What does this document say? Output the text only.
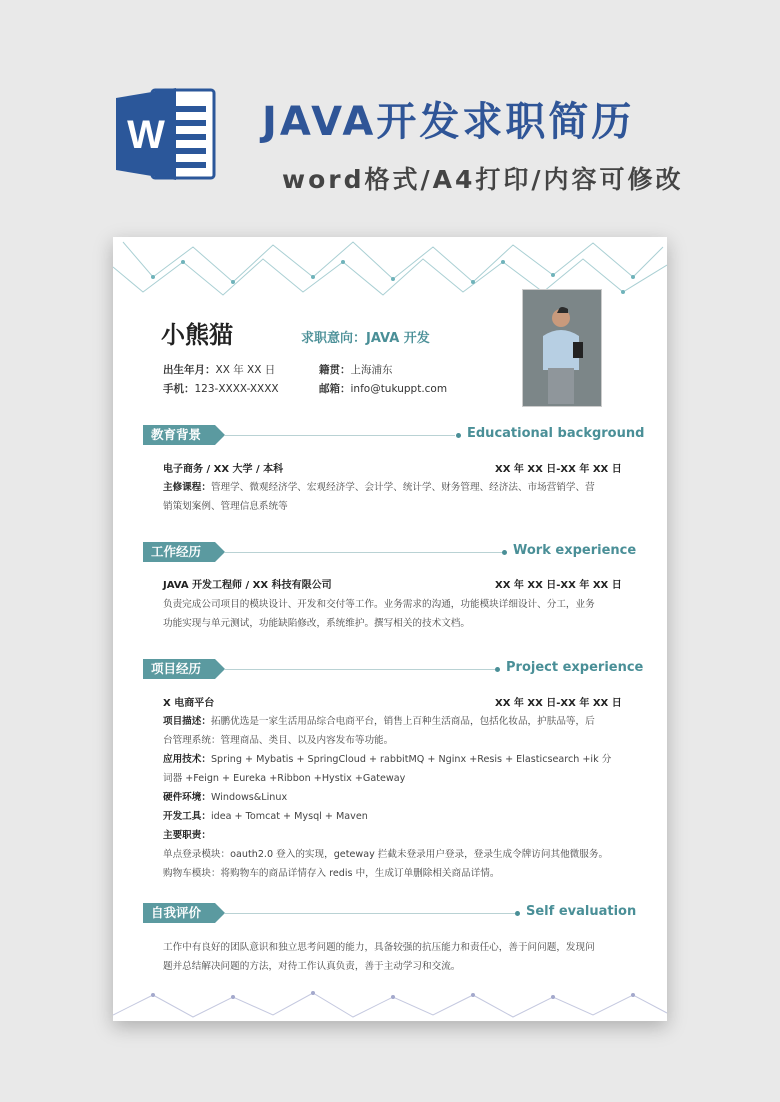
W JAVA开发求职简历
word格式/A4打印/内容可修改
小熊猫	求职意向：JAVA 开发
出生年月：XX 年 XX 日	籍贯：上海浦东
手机：123-XXXX-XXXX	邮箱：info@tukuppt.com
教育背景	Educational background
电子商务 / XX 大学 / 本科	XX 年 XX 日-XX 年 XX 日
主修课程：管理学、微观经济学、宏观经济学、会计学、统计学、财务管理、经济法、市场营销学、营
销策划案例、管理信息系统等
工作经历	Work experience
JAVA 开发工程师 / XX 科技有限公司	XX 年 XX 日-XX 年 XX 日
负责完成公司项目的模块设计、开发和交付等工作。业务需求的沟通，功能模块详细设计、分工，业务
功能实现与单元测试，功能缺陷修改，系统维护。撰写相关的技术文档。
项目经历	Project experience
X 电商平台	XX 年 XX 日-XX 年 XX 日
项目描述：拓鹏优选是一家生活用品综合电商平台，销售上百种生活商品，包括化妆品，护肤品等，后
台管理系统：管理商品、类目、以及内容发布等功能。
应用技术：Spring + Mybatis + SpringCloud + rabbitMQ + Nginx +Resis + Elasticsearch +ik 分
词器 +Feign + Eureka +Ribbon +Hystix +Gateway
硬件环境：Windows&Linux
开发工具：idea + Tomcat + Mysql + Maven
主要职责：
单点登录模块：oauth2.0 登入的实现，geteway 拦截未登录用户登录，登录生成令牌访问其他微服务。
购物车模块：将购物车的商品详情存入 redis 中，生成订单删除相关商品详情。
自我评价	Self evaluation
工作中有良好的团队意识和独立思考问题的能力，具备较强的抗压能力和责任心，善于问问题，发现问
题并总结解决问题的方法，对待工作认真负责，善于主动学习和交流。
